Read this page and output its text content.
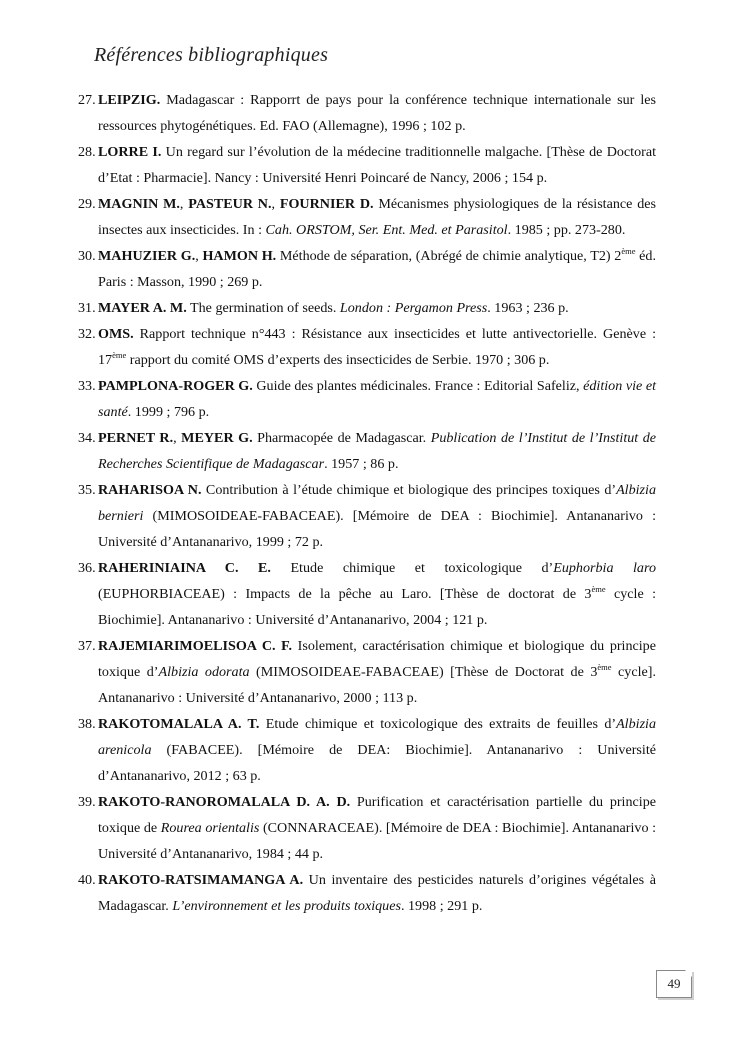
Références bibliographiques
27. LEIPZIG. Madagascar : Rapporrt de pays pour la conférence technique internationale sur les ressources phytogénétiques. Ed. FAO (Allemagne), 1996 ; 102 p.
28. LORRE I. Un regard sur l’évolution de la médecine traditionnelle malgache. [Thèse de Doctorat d’Etat : Pharmacie]. Nancy : Université Henri Poincaré de Nancy, 2006 ; 154 p.
29. MAGNIN M., PASTEUR N., FOURNIER D. Mécanismes physiologiques de la résistance des insectes aux insecticides. In : Cah. ORSTOM, Ser. Ent. Med. et Parasitol. 1985 ; pp. 273-280.
30. MAHUZIER G., HAMON H. Méthode de séparation, (Abrégé de chimie analytique, T2) 2ème éd. Paris : Masson, 1990 ; 269 p.
31. MAYER A. M. The germination of seeds. London : Pergamon Press. 1963 ; 236 p.
32. OMS. Rapport technique n°443 : Résistance aux insecticides et lutte antivectorielle. Genève : 17ème rapport du comité OMS d’experts des insecticides de Serbie. 1970 ; 306 p.
33. PAMPLONA-ROGER G. Guide des plantes médicinales. France : Editorial Safeliz, édition vie et santé. 1999 ; 796 p.
34. PERNET R., MEYER G. Pharmacopée de Madagascar. Publication de l’Institut de l’Institut de Recherches Scientifique de Madagascar. 1957 ; 86 p.
35. RAHARISOA N. Contribution à l’étude chimique et biologique des principes toxiques d’Albizia bernieri (MIMOSOIDEAE-FABACEAE). [Mémoire de DEA : Biochimie]. Antananarivo : Université d’Antananarivo, 1999 ; 72 p.
36. RAHERINIAINA C. E. Etude chimique et toxicologique d’Euphorbia laro (EUPHORBIACEAE) : Impacts de la pêche au Laro. [Thèse de doctorat de 3ème cycle : Biochimie]. Antananarivo : Université d’Antananarivo, 2004 ; 121 p.
37. RAJEMIARIMOELISOA C. F. Isolement, caractérisation chimique et biologique du principe toxique d’Albizia odorata (MIMOSOIDEAE-FABACEAE) [Thèse de Doctorat de 3ème cycle]. Antananarivo : Université d’Antananarivo, 2000 ; 113 p.
38. RAKOTOMALALA A. T. Etude chimique et toxicologique des extraits de feuilles d’Albizia arenicola (FABACEE). [Mémoire de DEA: Biochimie]. Antananarivo : Université d’Antananarivo, 2012 ; 63 p.
39. RAKOTO-RANOROMALALA D. A. D. Purification et caractérisation partielle du principe toxique de Rourea orientalis (CONNARACEAE). [Mémoire de DEA : Biochimie]. Antananarivo : Université d’Antananarivo, 1984 ; 44 p.
40. RAKOTO-RATSIMAMANGA A. Un inventaire des pesticides naturels d’origines végétales à Madagascar. L’environnement et les produits toxiques. 1998 ; 291 p.
49
